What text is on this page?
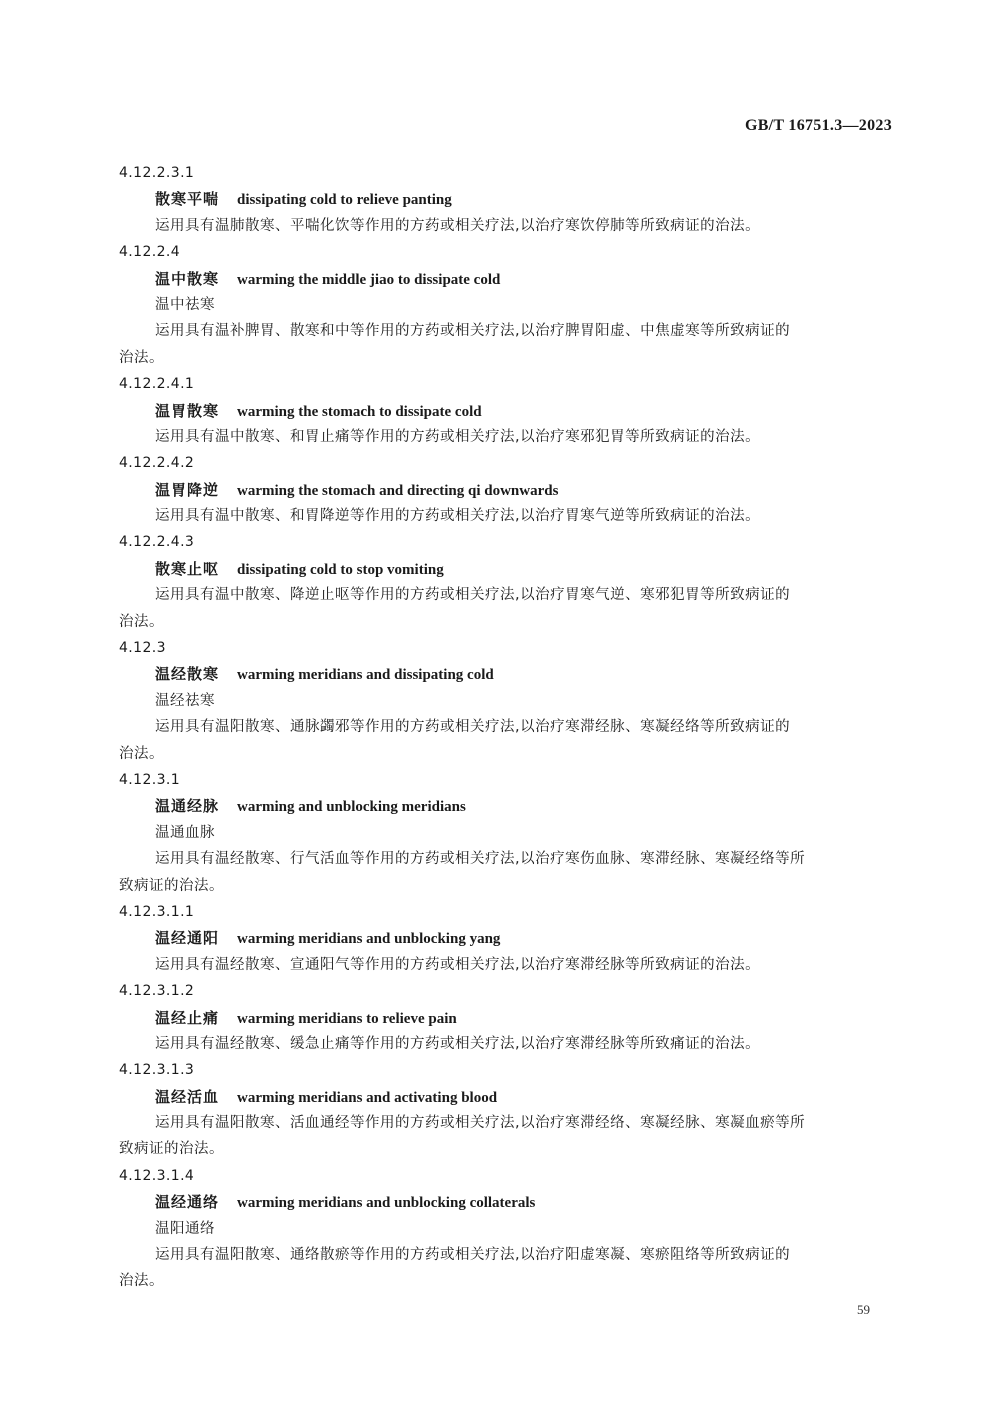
GB/T 16751.3—2023
4.12.2.3.1
散寒平喘 dissipating cold to relieve panting
运用具有温肺散寒、平喘化饮等作用的方药或相关疗法,以治疗寒饮停肺等所致病证的治法。
4.12.2.4
温中散寒 warming the middle jiao to dissipate cold
温中祛寒
运用具有温补脾胃、散寒和中等作用的方药或相关疗法,以治疗脾胃阳虚、中焦虚寒等所致病证的
治法。
4.12.2.4.1
温胃散寒 warming the stomach to dissipate cold
运用具有温中散寒、和胃止痛等作用的方药或相关疗法,以治疗寒邪犯胃等所致病证的治法。
4.12.2.4.2
温胃降逆 warming the stomach and directing qi downwards
运用具有温中散寒、和胃降逆等作用的方药或相关疗法,以治疗胃寒气逆等所致病证的治法。
4.12.2.4.3
散寒止呕 dissipating cold to stop vomiting
运用具有温中散寒、降逆止呕等作用的方药或相关疗法,以治疗胃寒气逆、寒邪犯胃等所致病证的
治法。
4.12.3
温经散寒 warming meridians and dissipating cold
温经祛寒
运用具有温阳散寒、通脉蠲邪等作用的方药或相关疗法,以治疗寒滞经脉、寒凝经络等所致病证的
治法。
4.12.3.1
温通经脉 warming and unblocking meridians
温通血脉
运用具有温经散寒、行气活血等作用的方药或相关疗法,以治疗寒伤血脉、寒滞经脉、寒凝经络等所
致病证的治法。
4.12.3.1.1
温经通阳 warming meridians and unblocking yang
运用具有温经散寒、宣通阳气等作用的方药或相关疗法,以治疗寒滞经脉等所致病证的治法。
4.12.3.1.2
温经止痛 warming meridians to relieve pain
运用具有温经散寒、缓急止痛等作用的方药或相关疗法,以治疗寒滞经脉等所致痛证的治法。
4.12.3.1.3
温经活血 warming meridians and activating blood
运用具有温阳散寒、活血通经等作用的方药或相关疗法,以治疗寒滞经络、寒凝经脉、寒凝血瘀等所
致病证的治法。
4.12.3.1.4
温经通络 warming meridians and unblocking collaterals
温阳通络
运用具有温阳散寒、通络散瘀等作用的方药或相关疗法,以治疗阳虚寒凝、寒瘀阻络等所致病证的
治法。
59
